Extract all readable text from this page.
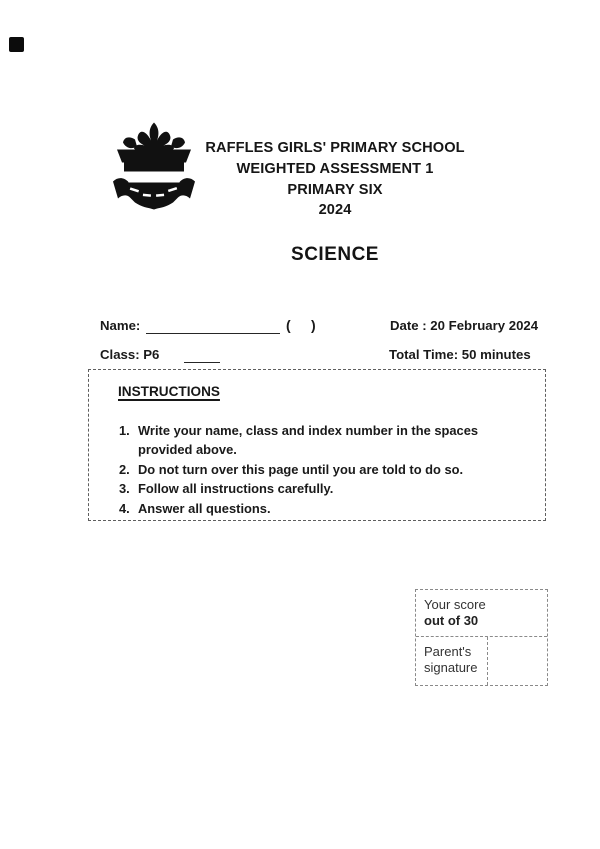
RAFFLES GIRLS' PRIMARY SCHOOL
WEIGHTED ASSESSMENT 1
PRIMARY SIX
2024
SCIENCE
Name:	( )	Date : 20 February 2024
Class: P6	Total Time: 50 minutes
INSTRUCTIONS
Write your name, class and index number in the spaces provided above.
Do not turn over this page until you are told to do so.
Follow all instructions carefully.
Answer all questions.
Your score
out of 30
Parent's
signature
